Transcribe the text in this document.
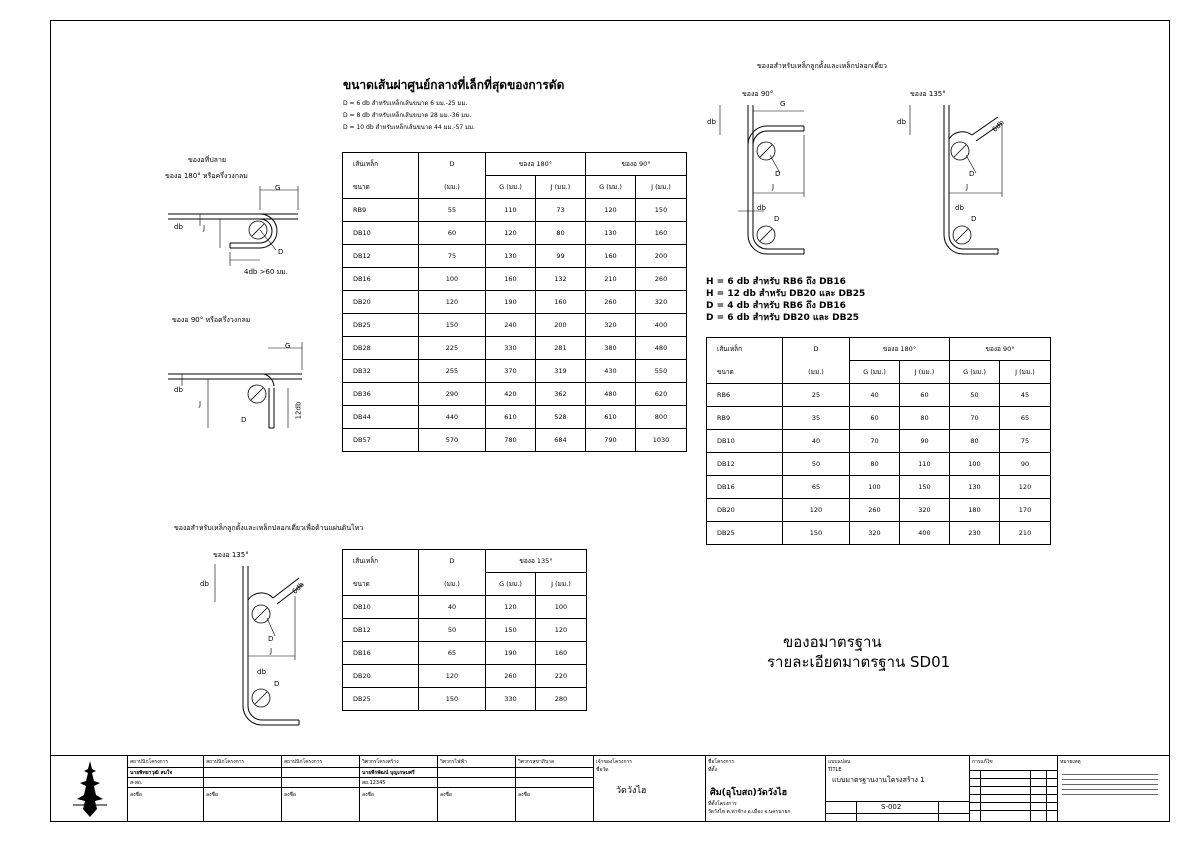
ขนาดเส้นผ่าศูนย์กลางที่เล็กที่สุดของการดัด
D = 6 db สำหรับเหล็กเส้นขนาด 6 มม.-25 มม.
D = 8 db สำหรับเหล็กเส้นขนาด 28 มม.-36 มม.
D = 10 db สำหรับเหล็กเส้นขนาด 44 มม.-57 มม.
ของอที่ปลาย
ของอ 180° หรือครึ่งวงกลม
ของอ 90° หรือครึ่งวงกลม
G
db	J
D
4db >60 มม.
G
db
J
D
12db
เส้นเหล็ก	D	ของอ 180°		ของอ 90°	
ขนาด	(มม.)	G (มม.)	J (มม.)	G (มม.)	J (มม.)
RB9	55	110	73	120	150
DB10	60	120	80	130	160
DB12	75	130	99	160	200
DB16	100	160	132	210	260
DB20	120	190	160	260	320
DB25	150	240	200	320	400
DB28	225	330	281	380	480
DB32	255	370	319	430	550
DB36	290	420	362	480	620
DB44	440	610	528	610	800
DB57	570	780	684	790	1030
ของอสำหรับเหล็กลูกตั้งและเหล็กปลอกเดี่ยว
ของอ 90°	ของอ 135°
db
G
D
J
db
D
db	6db
D
J
db
D
H = 6 db สำหรับ RB6 ถึง DB16
H = 12 db สำหรับ DB20 และ DB25
D = 4 db สำหรับ RB6 ถึง DB16
D = 6 db สำหรับ DB20 และ DB25
เส้นเหล็ก	D	ของอ 180°		ของอ 90°	
ขนาด	(มม.)	G (มม.)	J (มม.)	G (มม.)	J (มม.)
RB6	25	40	60	50	45
RB9	35	60	80	70	65
DB10	40	70	90	80	75
DB12	50	80	110	100	90
DB16	65	100	150	130	120
DB20	120	260	320	180	170
DB25	150	320	400	230	210
ของอสำหรับเหล็กลูกตั้งและเหล็กปลอกเดี่ยวเพื่อต้านแผ่นดินไหว
ของอ 135°
db	6db
D
J
db
D
เส้นเหล็ก	D	ของอ 135°	
ขนาด	(มม.)	G (มม.)	J (มม.)
DB10	40	120	100
DB12	50	150	120
DB16	65	190	160
DB20	120	260	220
DB25	150	330	280
ของอมาตรฐาน
รายละเอียดมาตรฐาน SD01
สถาปนิกโครงการ
นายพิทยาวุฒิ สมใจ
ส-สถ.
ลงชื่อ
สถาปนิกโครงการ
ลงชื่อ
สถาปนิกโครงการ
ลงชื่อ
วิศวกรโครงสร้าง
นายพีรพัฒน์ บุญเกษมศรี
สย.12345
ลงชื่อ
วิศวกรไฟฟ้า
ลงชื่อ
วิศวกรสุขาภิบาล
ลงชื่อ
เจ้าของโครงการ
ชื่อวัด
วัดวังไฮ
ชื่อโครงการ
ที่ตั้ง
ศิม(อุโบสถ)วัดวังไฮ
ที่ตั้งโครงการ
วัดวังไฮ ต.ท่าช้าง อ.เมือง จ.นครนายก
แบบแปลน
TITLE
แบบมาตรฐานงานโครงสร้าง 1
S-002
การแก้ไข	หมายเหตุ
